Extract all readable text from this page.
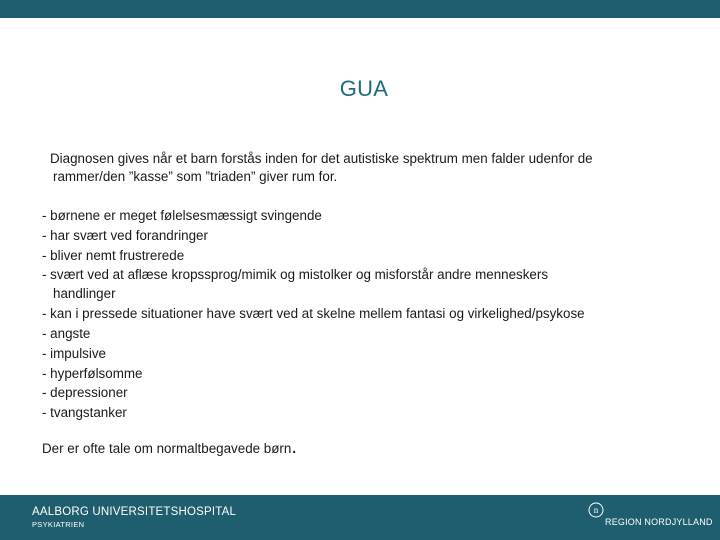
GUA
Diagnosen gives når et barn forstås inden for det autistiske spektrum men falder udenfor de
rammer/den ”kasse” som ”triaden” giver rum for.
- børnene er meget følelsesmæssigt svingende
- har svært ved forandringer
- bliver nemt frustrerede
- svært ved at aflæse kropssprog/mimik og mistolker og misforstår andre menneskers
handlinger
- kan i pressede situationer have svært ved at skelne mellem fantasi og virkelighed/psykose
- angste
- impulsive
- hyperfølsomme
- depressioner
- tvangstanker
Der er ofte tale om normaltbegavede børn.
AALBORG UNIVERSITETSHOSPITAL
PSYKIATRIEN
n
REGION NORDJYLLAND
